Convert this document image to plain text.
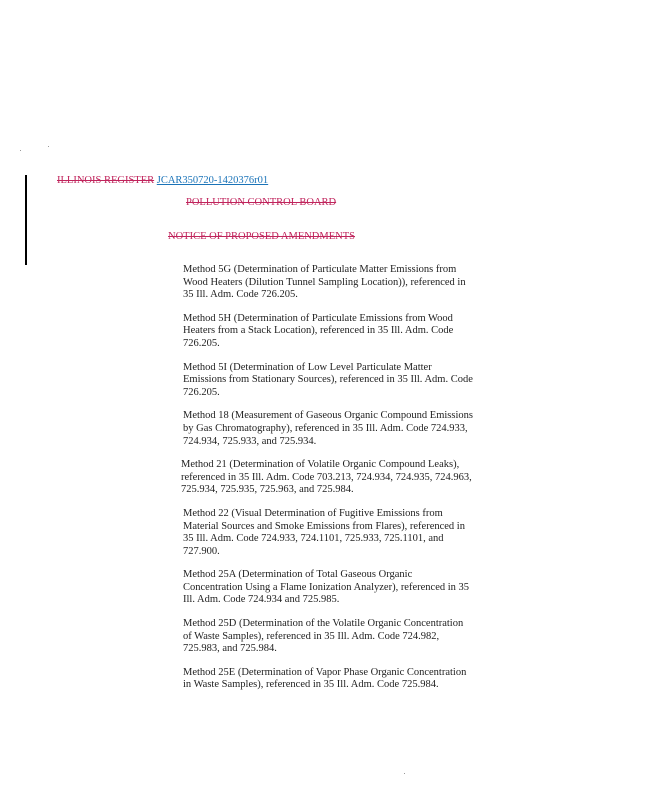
ILLINOIS REGISTER JCAR350720-1420376r01
POLLUTION CONTROL BOARD
NOTICE OF PROPOSED AMENDMENTS
Method 5G (Determination of Particulate Matter Emissions from Wood Heaters (Dilution Tunnel Sampling Location)), referenced in 35 Ill. Adm. Code 726.205.
Method 5H (Determination of Particulate Emissions from Wood Heaters from a Stack Location), referenced in 35 Ill. Adm. Code 726.205.
Method 5I (Determination of Low Level Particulate Matter Emissions from Stationary Sources), referenced in 35 Ill. Adm. Code 726.205.
Method 18 (Measurement of Gaseous Organic Compound Emissions by Gas Chromatography), referenced in 35 Ill. Adm. Code 724.933, 724.934, 725.933, and 725.934.
Method 21 (Determination of Volatile Organic Compound Leaks), referenced in 35 Ill. Adm. Code 703.213, 724.934, 724.935, 724.963, 725.934, 725.935, 725.963, and 725.984.
Method 22 (Visual Determination of Fugitive Emissions from Material Sources and Smoke Emissions from Flares), referenced in 35 Ill. Adm. Code 724.933, 724.1101, 725.933, 725.1101, and 727.900.
Method 25A (Determination of Total Gaseous Organic Concentration Using a Flame Ionization Analyzer), referenced in 35 Ill. Adm. Code 724.934 and 725.985.
Method 25D (Determination of the Volatile Organic Concentration of Waste Samples), referenced in 35 Ill. Adm. Code 724.982, 725.983, and 725.984.
Method 25E (Determination of Vapor Phase Organic Concentration in Waste Samples), referenced in 35 Ill. Adm. Code 725.984.
